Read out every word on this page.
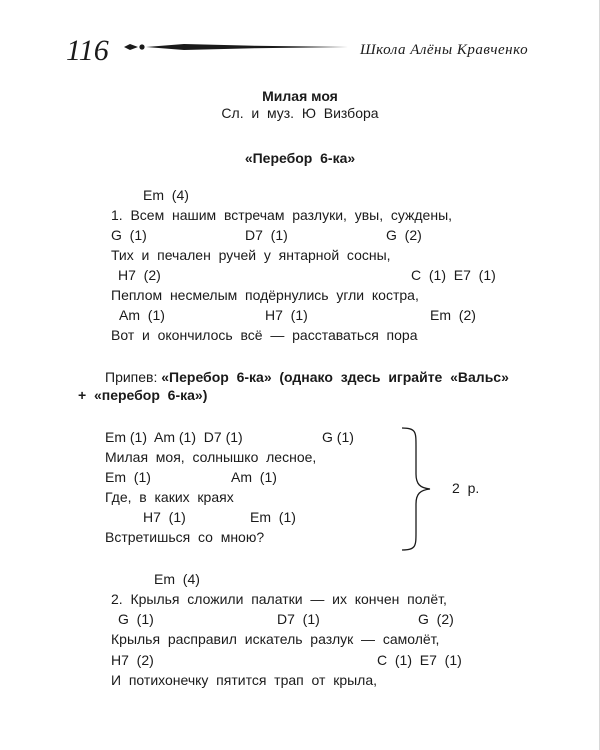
116	Школа Алёны Кравченко
Милая моя
Сл.  и  муз.  Ю  Визбора
«Перебор  6-ка»
Em  (4)
1.  Всем  нашим  встречам  разлуки,  увы,  суждены,
G  (1)	D7  (1)	G  (2)
Тих  и  печален  ручей  у  янтарной  сосны,
H7  (2)	C  (1)  E7  (1)
Пеплом  несмелым  подёрнулись  угли  костра,
Am  (1)	H7  (1)	Em  (2)
Вот  и  окончилось  всё  —  расставаться  пора
Припев: «Перебор  6-ка»  (однако  здесь  играйте  «Вальс»
+  «перебор  6-ка»)
Em (1)  Am (1)  D7 (1)	G (1)
Милая  моя,  солнышко  лесное,
Em  (1)	Am  (1)
Где,  в  каких  краях
H7  (1)	Em  (1)
Встретишься  со  мною?
2  р.
Em  (4)
2.  Крылья  сложили  палатки  —  их  кончен  полёт,
G  (1)	D7  (1)	G  (2)
Крылья  расправил  искатель  разлук  —  самолёт,
H7  (2)	C  (1)  E7  (1)
И  потихонечку  пятится  трап  от  крыла,
